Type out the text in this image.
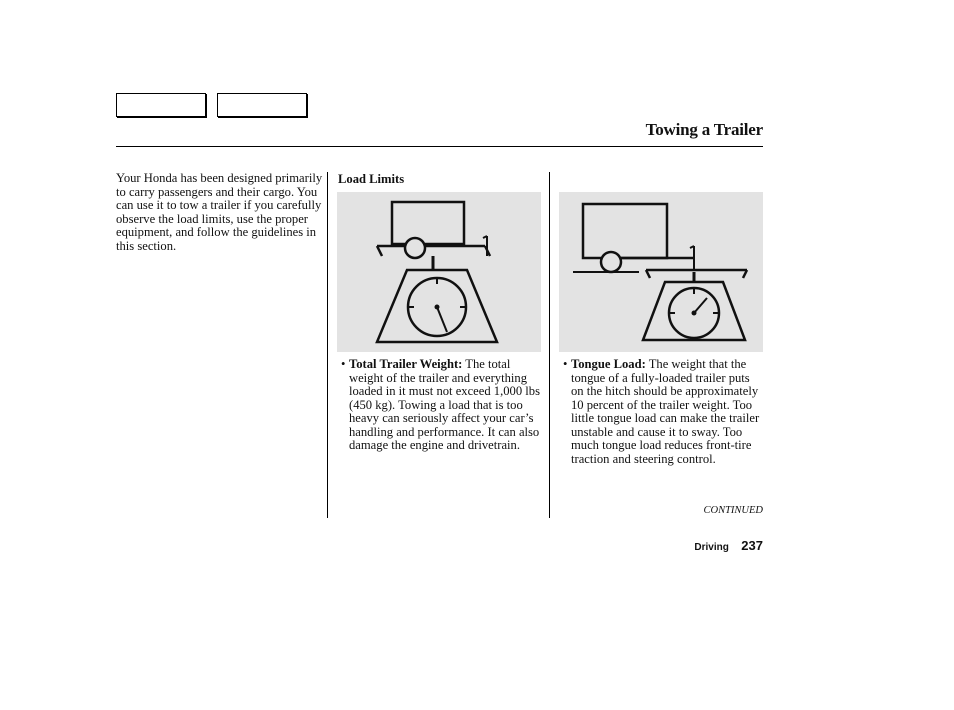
Towing a Trailer
Your Honda has been designed primarily to carry passengers and their cargo. You can use it to tow a trailer if you carefully observe the load limits, use the proper equipment, and follow the guidelines in this section.
Load Limits
• Total Trailer Weight: The total weight of the trailer and everything loaded in it must not exceed 1,000 lbs (450 kg). Towing a load that is too heavy can seriously affect your car’s handling and performance. It can also damage the engine and drivetrain.
• Tongue Load: The weight that the tongue of a fully-loaded trailer puts on the hitch should be approximately 10 percent of the trailer weight. Too little tongue load can make the trailer unstable and cause it to sway. Too much tongue load reduces front-tire traction and steering control.
CONTINUED
Driving 237
